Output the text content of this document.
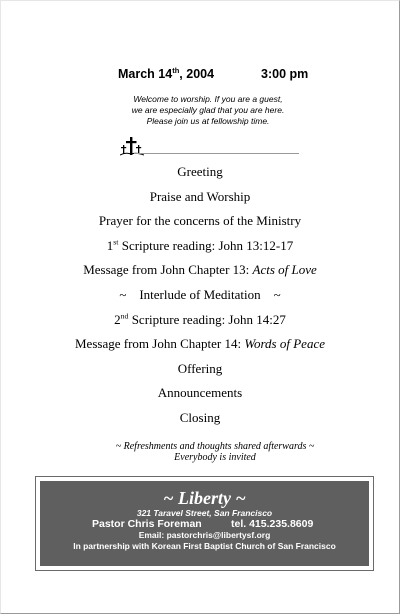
March 14th, 2004	3:00 pm
Welcome to worship. If you are a guest,
we are especially glad that you are here.
Please join us at fellowship time.
Greeting
Praise and Worship
Prayer for the concerns of the Ministry
1st Scripture reading: John 13:12-17
Message from John Chapter 13: Acts of Love
~    Interlude of Meditation    ~
2nd Scripture reading: John 14:27
Message from John Chapter 14: Words of Peace
Offering
Announcements
Closing
~ Refreshments and thoughts shared afterwards ~
Everybody is invited
~ Liberty ~
321 Taravel Street, San Francisco
Pastor Chris Foreman	tel. 415.235.8609
Email: pastorchris@libertysf.org
In partnership with Korean First Baptist Church of San Francisco
